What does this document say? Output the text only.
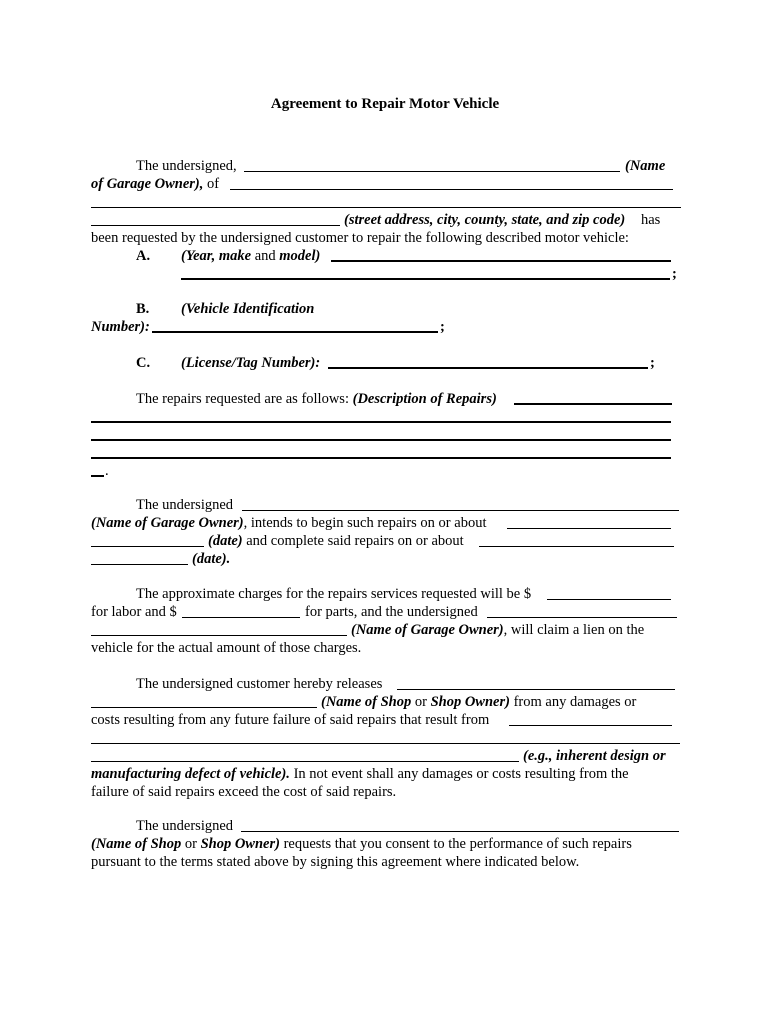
Agreement to Repair Motor Vehicle
The undersigned,	(Name
of Garage Owner), of
(street address, city, county, state, and zip code) has
been requested by the undersigned customer to repair the following described motor vehicle:
A. (Year, make and model)
;
B. (Vehicle Identification
Number):	;
C. (License/Tag Number):	;
The repairs requested are as follows: (Description of Repairs)
.
The undersigned
(Name of Garage Owner), intends to begin such repairs on or about
(date) and complete said repairs on or about
(date).
The approximate charges for the repairs services requested will be $
for labor and $	for parts, and the undersigned
(Name of Garage Owner), will claim a lien on the
vehicle for the actual amount of those charges.
The undersigned customer hereby releases
(Name of Shop or Shop Owner) from any damages or
costs resulting from any future failure of said repairs that result from
(e.g., inherent design or
manufacturing defect of vehicle). In not event shall any damages or costs resulting from the
failure of said repairs exceed the cost of said repairs.
The undersigned
(Name of Shop or Shop Owner) requests that you consent to the performance of such repairs
pursuant to the terms stated above by signing this agreement where indicated below.
